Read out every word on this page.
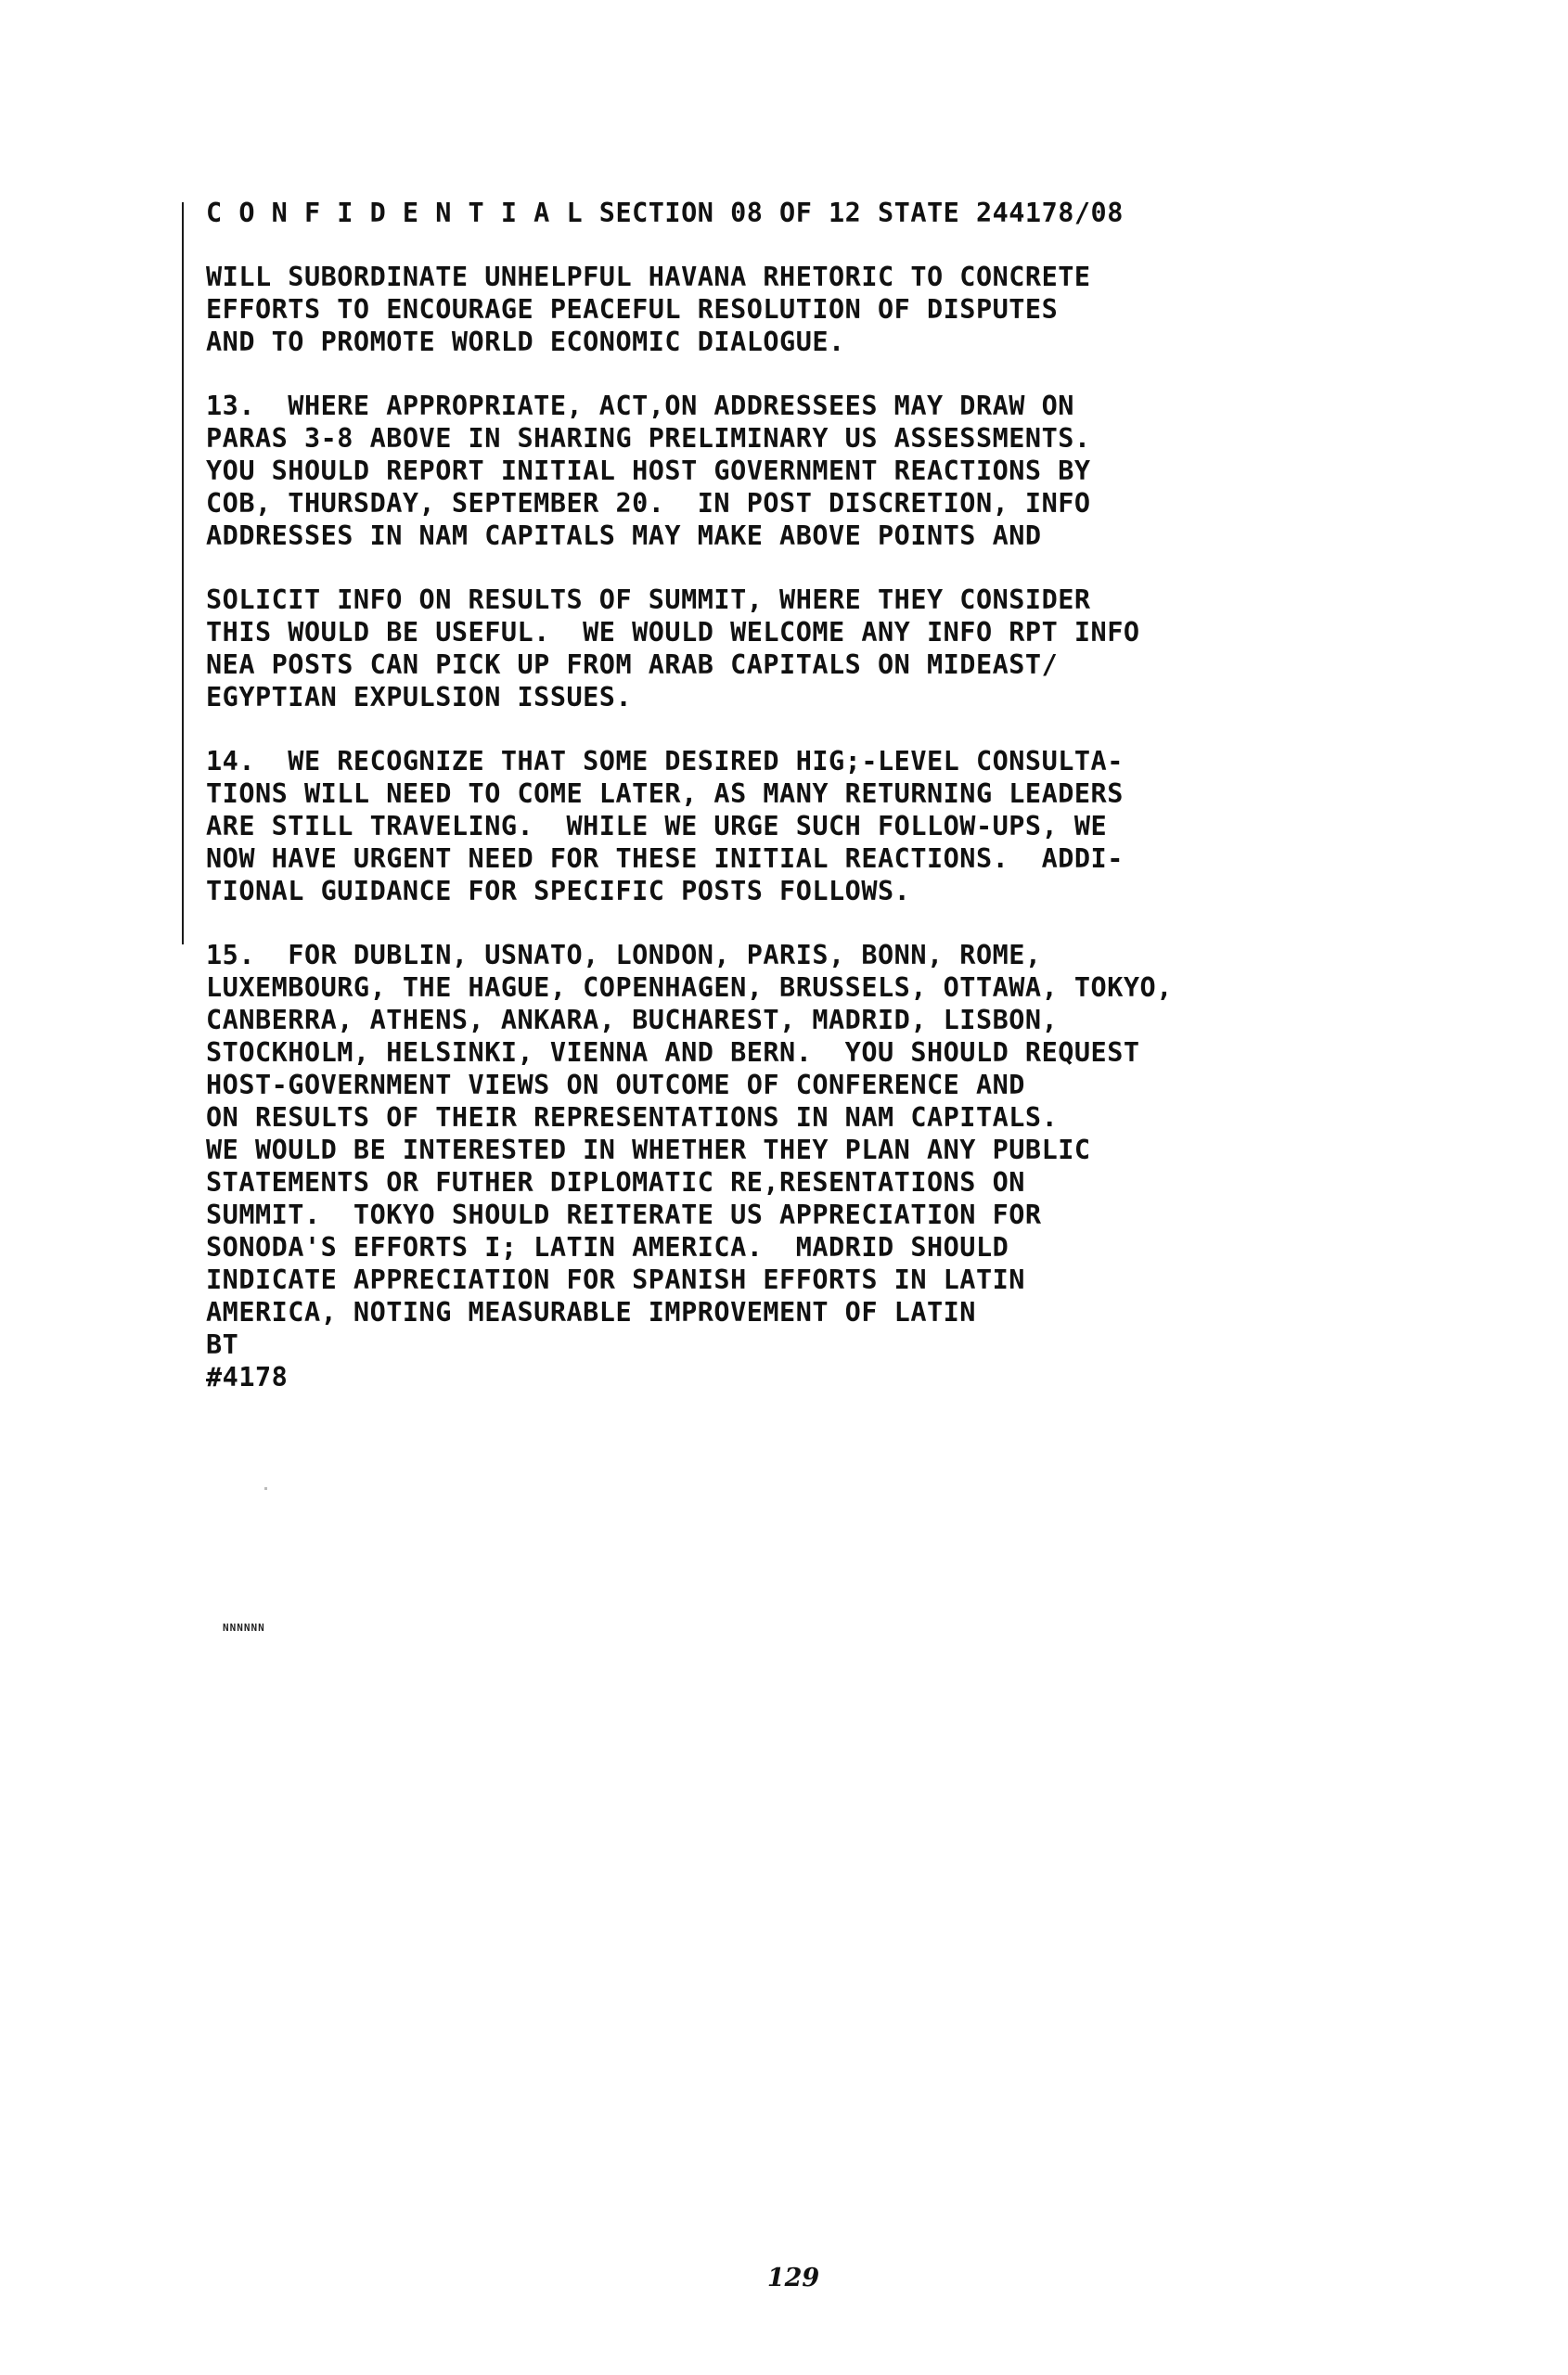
C O N F I D E N T I A L SECTION 08 OF 12 STATE 244178/08
WILL SUBORDINATE UNHELPFUL HAVANA RHETORIC TO CONCRETE
EFFORTS TO ENCOURAGE PEACEFUL RESOLUTION OF DISPUTES
AND TO PROMOTE WORLD ECONOMIC DIALOGUE.
13.  WHERE APPROPRIATE, ACT,ON ADDRESSEES MAY DRAW ON
PARAS 3-8 ABOVE IN SHARING PRELIMINARY US ASSESSMENTS.
YOU SHOULD REPORT INITIAL HOST GOVERNMENT REACTIONS BY
COB, THURSDAY, SEPTEMBER 20.  IN POST DISCRETION, INFO
ADDRESSES IN NAM CAPITALS MAY MAKE ABOVE POINTS AND
SOLICIT INFO ON RESULTS OF SUMMIT, WHERE THEY CONSIDER
THIS WOULD BE USEFUL.  WE WOULD WELCOME ANY INFO RPT INFO
NEA POSTS CAN PICK UP FROM ARAB CAPITALS ON MIDEAST/
EGYPTIAN EXPULSION ISSUES.
14.  WE RECOGNIZE THAT SOME DESIRED HIG;-LEVEL CONSULTA-
TIONS WILL NEED TO COME LATER, AS MANY RETURNING LEADERS
ARE STILL TRAVELING.  WHILE WE URGE SUCH FOLLOW-UPS, WE
NOW HAVE URGENT NEED FOR THESE INITIAL REACTIONS.  ADDI-
TIONAL GUIDANCE FOR SPECIFIC POSTS FOLLOWS.
15.  FOR DUBLIN, USNATO, LONDON, PARIS, BONN, ROME,
LUXEMBOURG, THE HAGUE, COPENHAGEN, BRUSSELS, OTTAWA, TOKYO,
CANBERRA, ATHENS, ANKARA, BUCHAREST, MADRID, LISBON,
STOCKHOLM, HELSINKI, VIENNA AND BERN.  YOU SHOULD REQUEST
HOST-GOVERNMENT VIEWS ON OUTCOME OF CONFERENCE AND
ON RESULTS OF THEIR REPRESENTATIONS IN NAM CAPITALS.
WE WOULD BE INTERESTED IN WHETHER THEY PLAN ANY PUBLIC
STATEMENTS OR FUTHER DIPLOMATIC RE,RESENTATIONS ON
SUMMIT.  TOKYO SHOULD REITERATE US APPRECIATION FOR
SONODA'S EFFORTS I; LATIN AMERICA.  MADRID SHOULD
INDICATE APPRECIATION FOR SPANISH EFFORTS IN LATIN
AMERICA, NOTING MEASURABLE IMPROVEMENT OF LATIN
BT
#4178
NNNNNN
129
